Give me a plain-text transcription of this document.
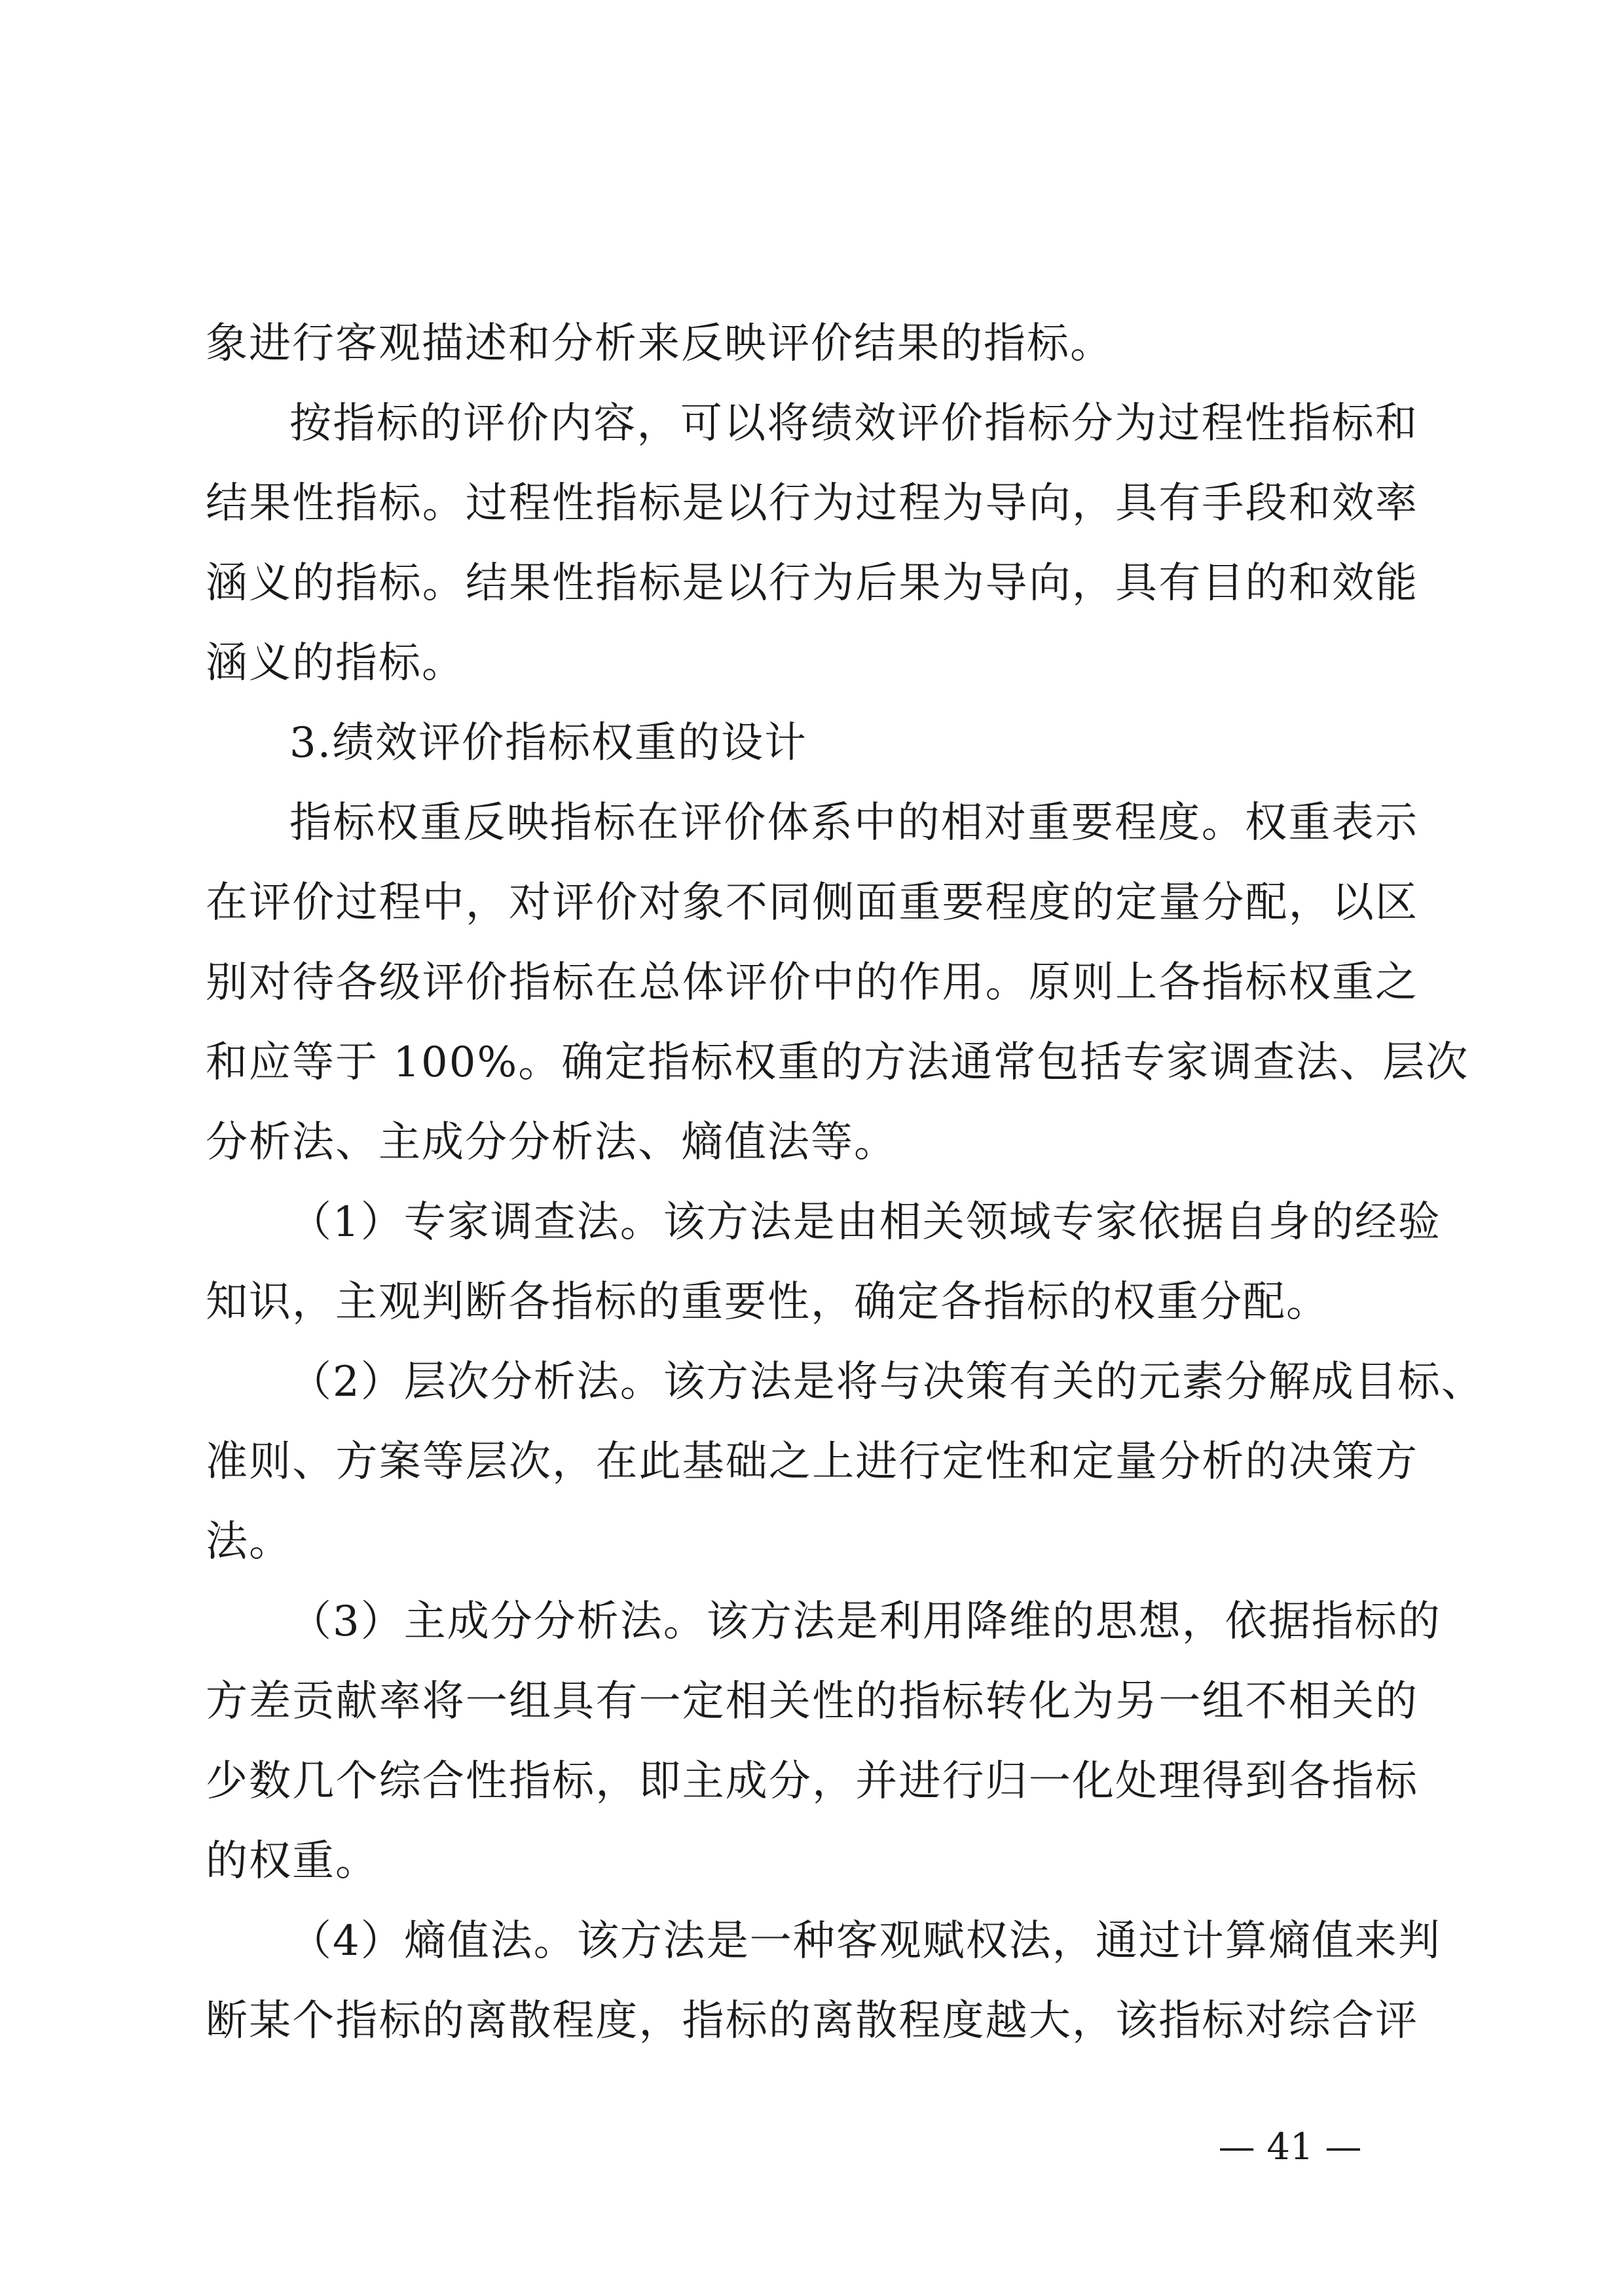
象进行客观描述和分析来反映评价结果的指标。
按指标的评价内容，可以将绩效评价指标分为过程性指标和
结果性指标。过程性指标是以行为过程为导向，具有手段和效率
涵义的指标。结果性指标是以行为后果为导向，具有目的和效能
涵义的指标。
3.绩效评价指标权重的设计
指标权重反映指标在评价体系中的相对重要程度。权重表示
在评价过程中，对评价对象不同侧面重要程度的定量分配，以区
别对待各级评价指标在总体评价中的作用。原则上各指标权重之
和应等于 100%。确定指标权重的方法通常包括专家调查法、层次
分析法、主成分分析法、熵值法等。
（1）专家调查法。该方法是由相关领域专家依据自身的经验
知识，主观判断各指标的重要性，确定各指标的权重分配。
（2）层次分析法。该方法是将与决策有关的元素分解成目标、
准则、方案等层次，在此基础之上进行定性和定量分析的决策方
法。
（3）主成分分析法。该方法是利用降维的思想，依据指标的
方差贡献率将一组具有一定相关性的指标转化为另一组不相关的
少数几个综合性指标，即主成分，并进行归一化处理得到各指标
的权重。
（4）熵值法。该方法是一种客观赋权法，通过计算熵值来判
断某个指标的离散程度，指标的离散程度越大，该指标对综合评
— 41 —
